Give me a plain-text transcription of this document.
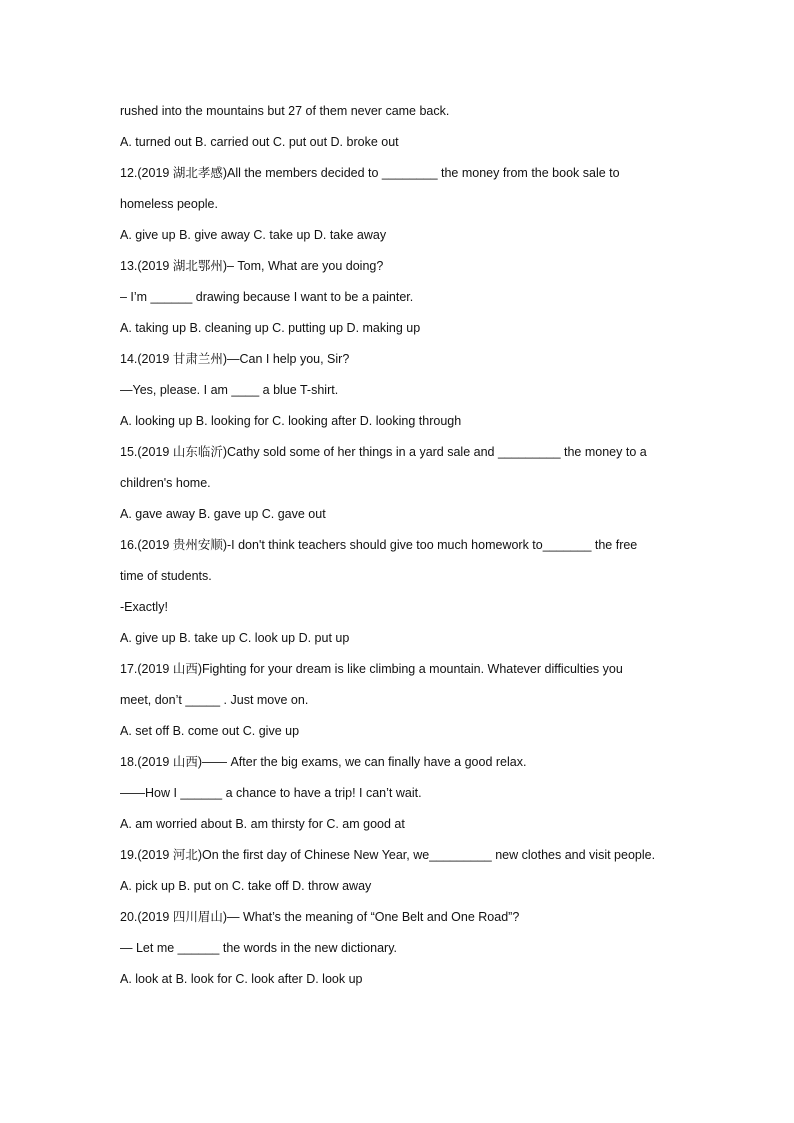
rushed into the mountains but 27 of them never came back.
A. turned out B. carried out C. put out D. broke out
12.(2019 湖北孝感)All the members decided to ________ the money from the book sale to
homeless people.
A. give up B. give away C. take up D. take away
13.(2019 湖北鄂州)– Tom, What are you doing?
– I’m ______ drawing because I want to be a painter.
A. taking up B. cleaning up C. putting up D. making up
14.(2019 甘肃兰州)—Can I help you, Sir?
—Yes, please. I am ____ a blue T-shirt.
A. looking up B. looking for C. looking after D. looking through
15.(2019 山东临沂)Cathy sold some of her things in a yard sale and _________ the money to a
children's home.
A. gave away B. gave up C. gave out
16.(2019 贵州安顺)-I don't think teachers should give too much homework to_______ the free
time of students.
-Exactly!
A. give up B. take up C. look up D. put up
17.(2019 山西)Fighting for your dream is like climbing a mountain. Whatever difficulties you
meet, don’t _____ . Just move on.
A. set off B. come out C. give up
18.(2019 山西)—— After the big exams, we can finally have a good relax.
——How I ______ a chance to have a trip! I can’t wait.
A. am worried about B. am thirsty for C. am good at
19.(2019 河北)On the first day of Chinese New Year, we_________ new clothes and visit people.
A. pick up B. put on C. take off D. throw away
20.(2019 四川眉山)— What’s the meaning of “One Belt and One Road”?
— Let me ______ the words in the new dictionary.
A. look at B. look for C. look after D. look up
